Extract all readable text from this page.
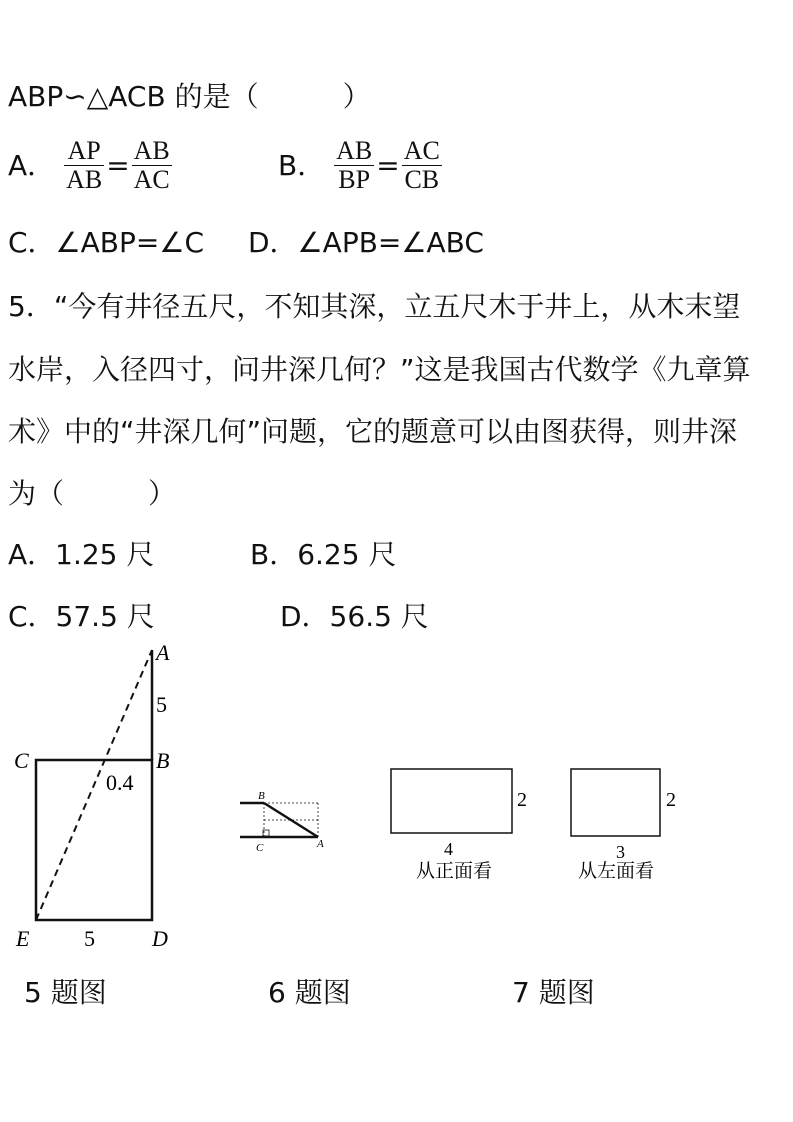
ABP∽△ACB 的是（　　　）
A． $\frac{AP}{AB} = \frac{AB}{AC}$	B． $\frac{AB}{BP} = \frac{AC}{CB}$
C．∠ABP=∠C D．∠APB=∠ABC
5．“今有井径五尺，不知其深，立五尺木于井上，从木末望
水岸，入径四寸，问井深几何？”这是我国古代数学《九章算
术》中的“井深几何”问题，它的题意可以由图获得，则井深
为（　　　）
A．1.25 尺	B．6.25 尺
C．57.5 尺	D．56.5 尺
A
5
B
C
0.4
E 5	D
B
C	A
2
4
从正面看
2
3
从左面看
5 题图	6 题图	7 题图
